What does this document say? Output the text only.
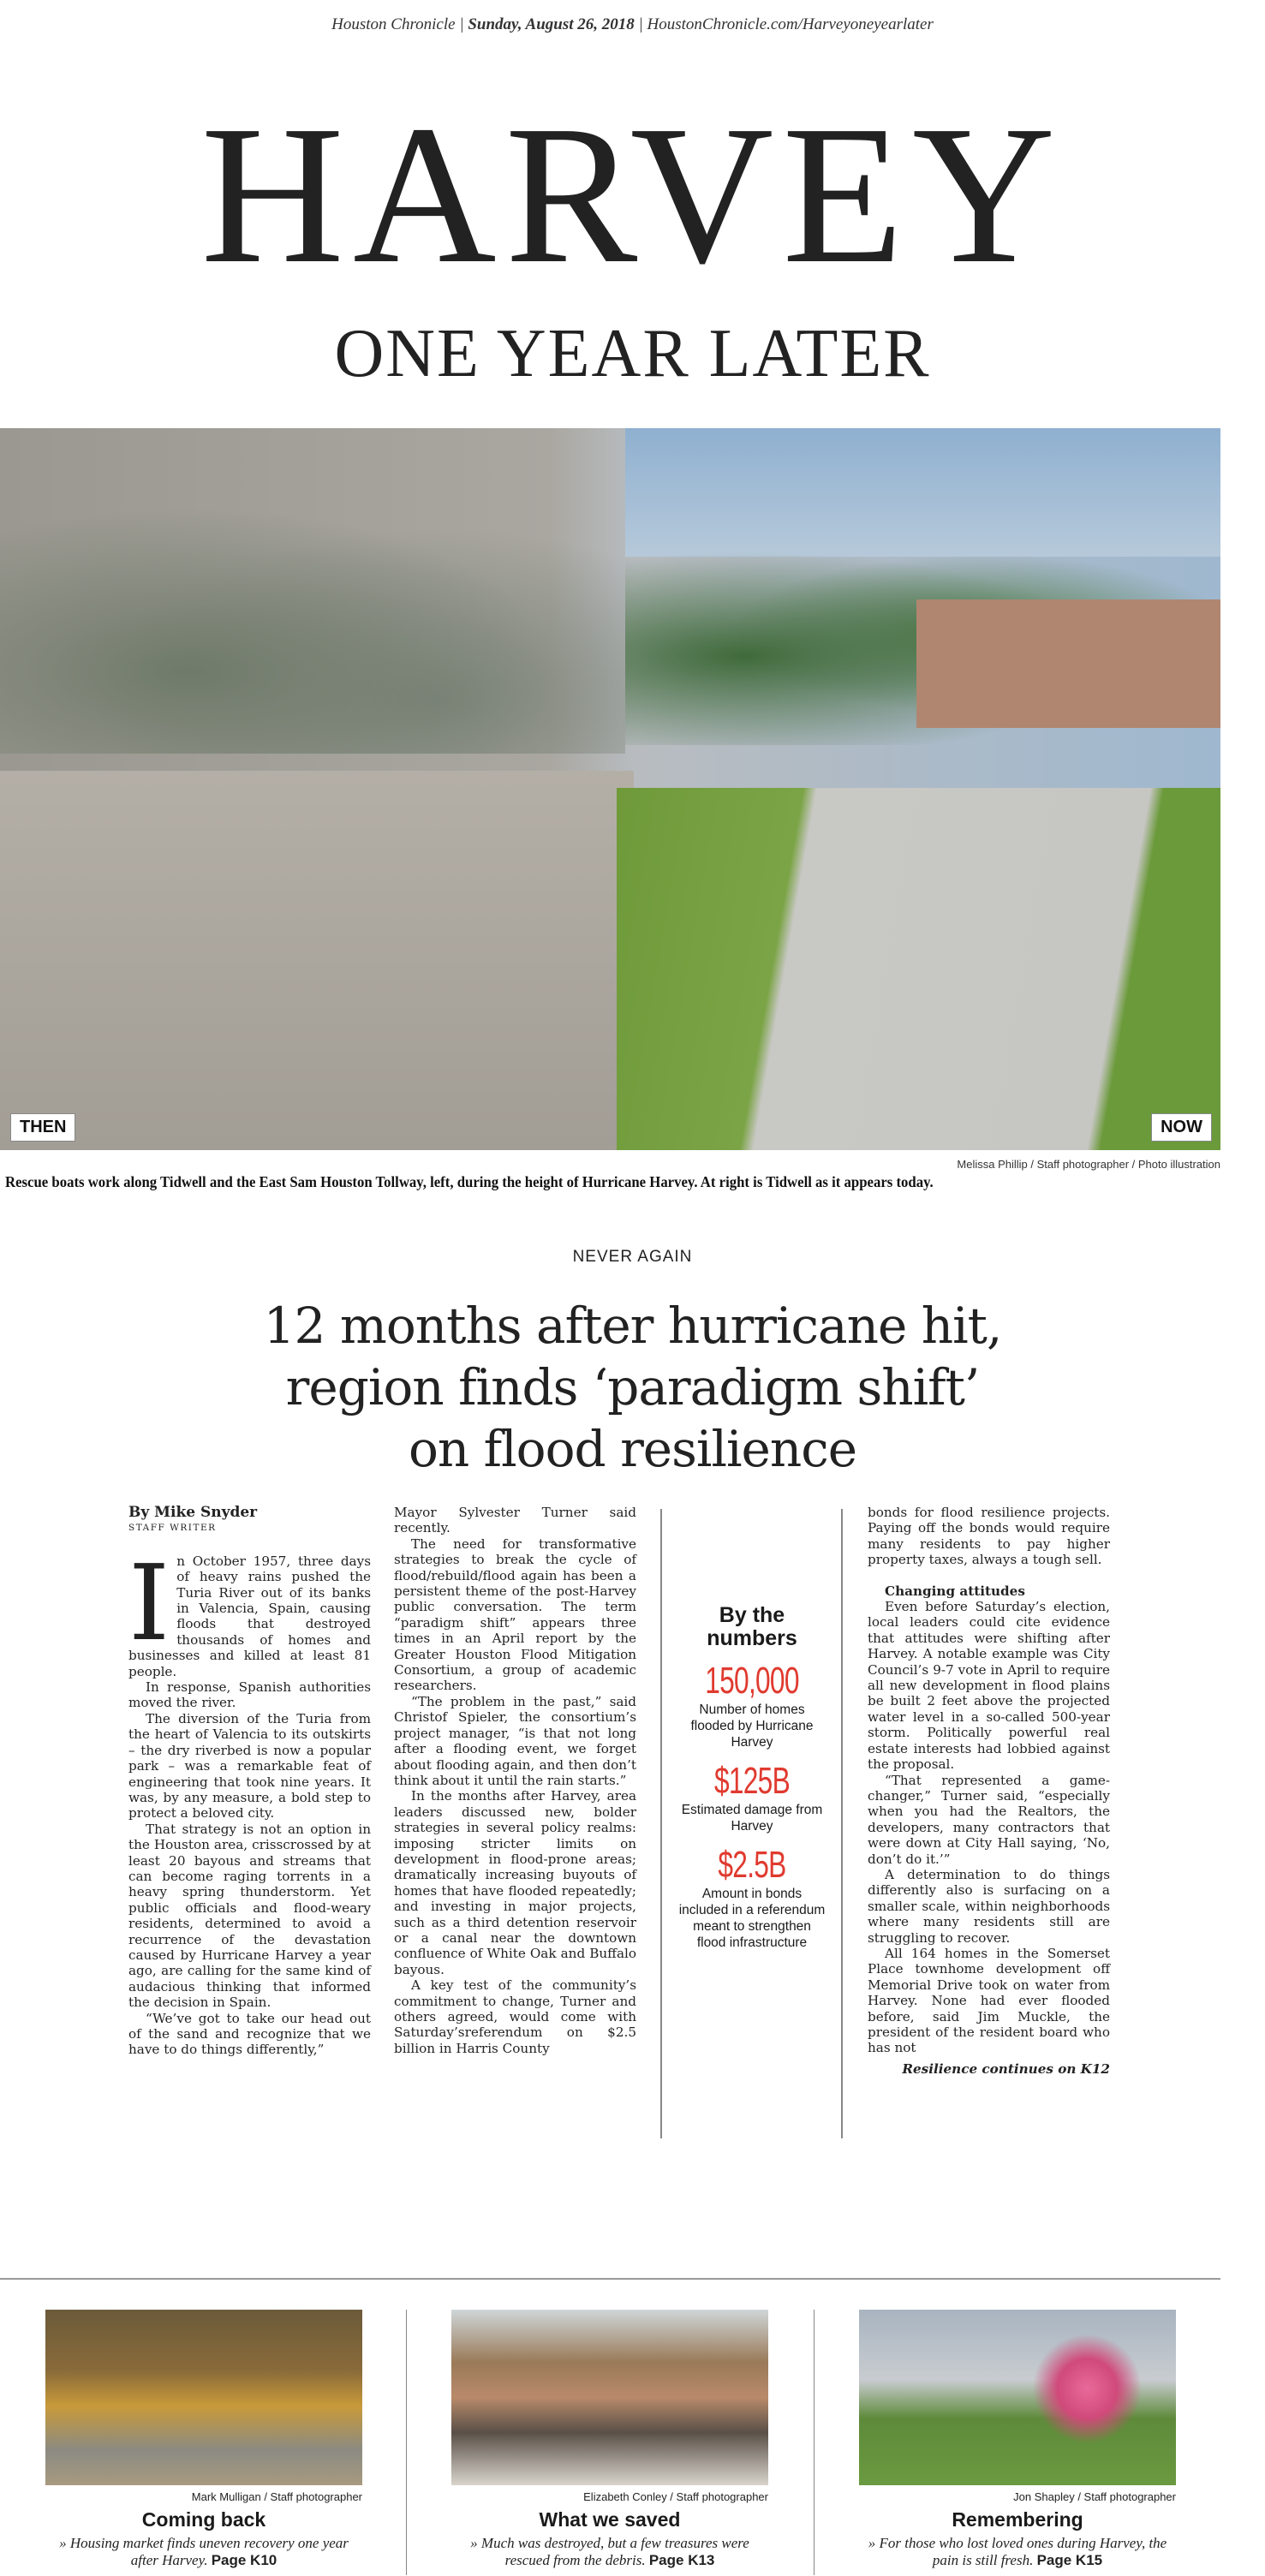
Houston Chronicle | Sunday, August 26, 2018 | HoustonChronicle.com/Harveyoneyearlater
HARVEY
ONE YEAR LATER
THEN	NOW
Melissa Phillip / Staff photographer / Photo illustration
Rescue boats work along Tidwell and the East Sam Houston Tollway, left, during the height of Hurricane Harvey. At right is Tidwell as it appears today.
NEVER AGAIN
12 months after hurricane hit,
region finds ‘paradigm shift’
on flood resilience

By Mike Snyder

STAFF WRITER

I n October 1957, three days of heavy rains pushed the Turia River out of its banks in Valencia, Spain, causing floods that destroyed thousands of homes and businesses and killed at least 81 people.

In response, Spanish authorities moved the river.

The diversion of the Turia from the heart of Valencia to its outskirts – the dry riverbed is now a popular park – was a remarkable feat of engineering that took nine years. It was, by any measure, a bold step to protect a beloved city.

That strategy is not an option in the Houston area, crisscrossed by at least 20 bayous and streams that can become raging torrents in a heavy spring thunderstorm. Yet public officials and flood-weary residents, determined to avoid a recurrence of the devastation caused by Hurricane Harvey a year ago, are calling for the same kind of audacious thinking that informed the decision in Spain.

“We’ve got to take our head out of the sand and recognize that we have to do things differently,”

Mayor Sylvester Turner said recently.

The need for transformative strategies to break the cycle of flood/rebuild/flood again has been a persistent theme of the post-Harvey public conversation. The term “paradigm shift” appears three times in an April report by the Greater Houston Flood Mitigation Consortium, a group of academic researchers.

“The problem in the past,” said Christof Spieler, the consortium’s project manager, “is that not long after a flooding event, we forget about flooding again, and then don’t think about it until the rain starts.”

In the months after Harvey, area leaders discussed new, bolder strategies in several policy realms: imposing stricter limits on development in flood-prone areas; dramatically increasing buyouts of homes that have flooded repeatedly; and investing in major projects, such as a third detention reservoir or a canal near the downtown confluence of White Oak and Buffalo bayous.

A key test of the community’s commitment to change, Turner and others agreed, would come with Saturday’sreferendum on $2.5 billion in Harris County

By the
numbers
150,000
Number of homes flooded by Hurricane Harvey
$125B
Estimated damage from Harvey
$2.5B
Amount in bonds included in a referendum meant to strengthen flood infrastructure

bonds for flood resilience projects. Paying off the bonds would require many residents to pay higher property taxes, always a tough sell.

Changing attitudes

Even before Saturday’s election, local leaders could cite evidence that attitudes were shifting after Harvey. A notable example was City Council’s 9-7 vote in April to require all new development in flood plains be built 2 feet above the projected water level in a so-called 500-year storm. Politically powerful real estate interests had lobbied against the proposal.

“That represented a game-changer,” Turner said, “especially when you had the Realtors, the developers, many contractors that were down at City Hall saying, ‘No, don’t do it.’”

A determination to do things differently also is surfacing on a smaller scale, within neighborhoods where many residents still are struggling to recover.

All 164 homes in the Somerset Place townhome development off Memorial Drive took on water from Harvey. None had ever flooded before, said Jim Muckle, the president of the resident board who has not

Resilience continues on K12

Mark Mulligan / Staff photographer
Coming back
» Housing market finds uneven recovery one year after Harvey. Page K10
Elizabeth Conley / Staff photographer
What we saved
» Much was destroyed, but a few treasures were rescued from the debris. Page K13
Jon Shapley / Staff photographer
Remembering
» For those who lost loved ones during Harvey, the pain is still fresh. Page K15
